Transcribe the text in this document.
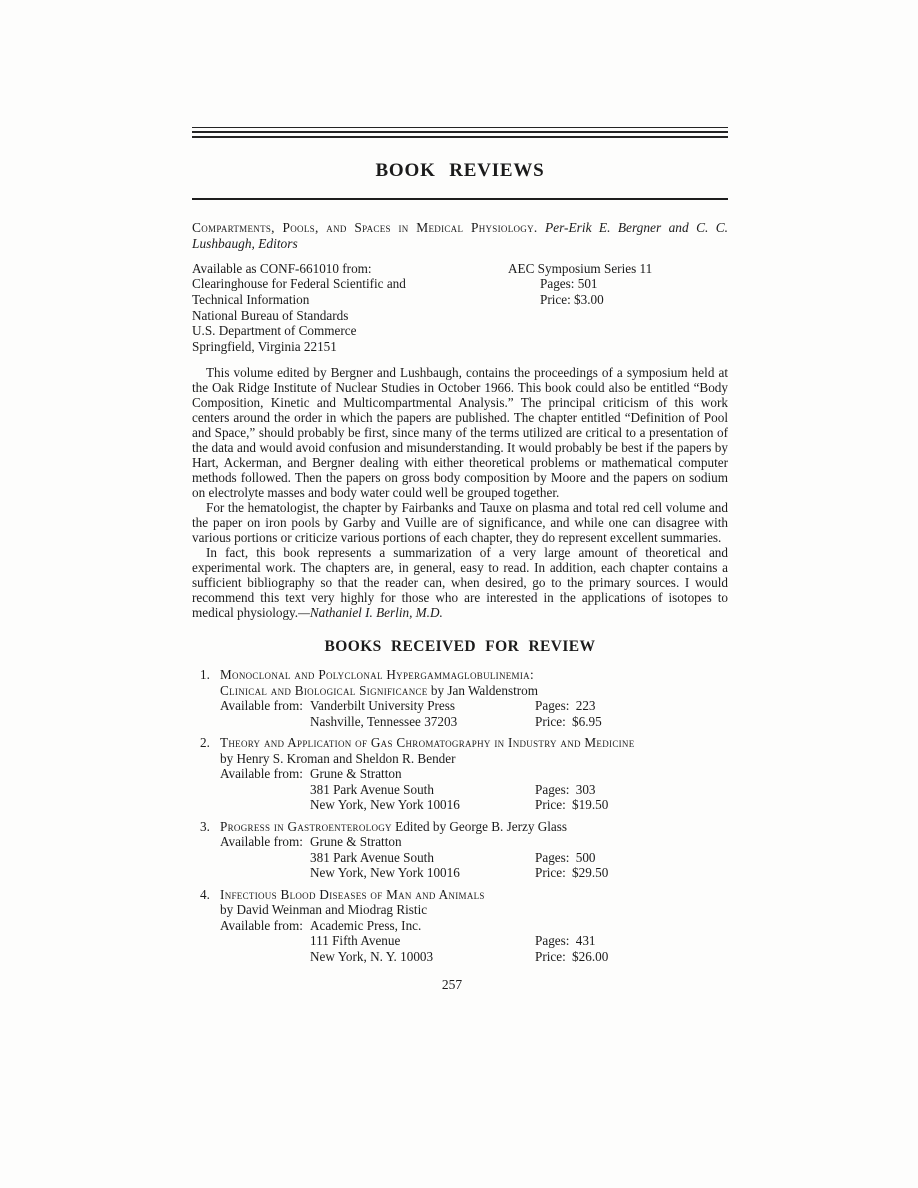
BOOK REVIEWS

Compartments, Pools, and Spaces in Medical Physiology. Per-Erik E. Bergner and C. C. Lushbaugh, Editors

Available as CONF-661010 from:
Clearinghouse for Federal Scientific and
Technical Information
National Bureau of Standards
U.S. Department of Commerce
Springfield, Virginia 22151
AEC Symposium Series 11
Pages: 501
Price: $3.00

This volume edited by Bergner and Lushbaugh, contains the proceedings of a symposium held at the Oak Ridge Institute of Nuclear Studies in October 1966. This book could also be entitled “Body Composition, Kinetic and Multicompartmental Analysis.” The principal criticism of this work centers around the order in which the papers are published. The chapter entitled “Definition of Pool and Space,” should probably be first, since many of the terms utilized are critical to a presentation of the data and would avoid confusion and misunderstanding. It would probably be best if the papers by Hart, Ackerman, and Bergner dealing with either theoretical problems or mathematical computer methods followed. Then the papers on gross body composition by Moore and the papers on sodium on electrolyte masses and body water could well be grouped together.

For the hematologist, the chapter by Fairbanks and Tauxe on plasma and total red cell volume and the paper on iron pools by Garby and Vuille are of significance, and while one can disagree with various portions or criticize various portions of each chapter, they do represent excellent summaries.

In fact, this book represents a summarization of a very large amount of theoretical and experimental work. The chapters are, in general, easy to read. In addition, each chapter contains a sufficient bibliography so that the reader can, when desired, go to the primary sources. I would recommend this text very highly for those who are interested in the applications of isotopes to medical physiology.—Nathaniel I. Berlin, M.D.

BOOKS RECEIVED FOR REVIEW
1. Monoclonal and Polyclonal Hypergammaglobulinemia:
Clinical and Biological Significance by Jan Waldenstrom
Available from: Vanderbilt University Press
Nashville, Tennessee 37203
Pages: 223
Price: $6.95
2. Theory and Application of Gas Chromatography in Industry and Medicine
by Henry S. Kroman and Sheldon R. Bender
Available from: Grune & Stratton
381 Park Avenue South
New York, New York 10016
Pages: 303
Price: $19.50
3. Progress in Gastroenterology Edited by George B. Jerzy Glass
Available from: Grune & Stratton
381 Park Avenue South
New York, New York 10016
Pages: 500
Price: $29.50
4. Infectious Blood Diseases of Man and Animals
by David Weinman and Miodrag Ristic
Available from: Academic Press, Inc.
111 Fifth Avenue
New York, N. Y. 10003
Pages: 431
Price: $26.00
257
